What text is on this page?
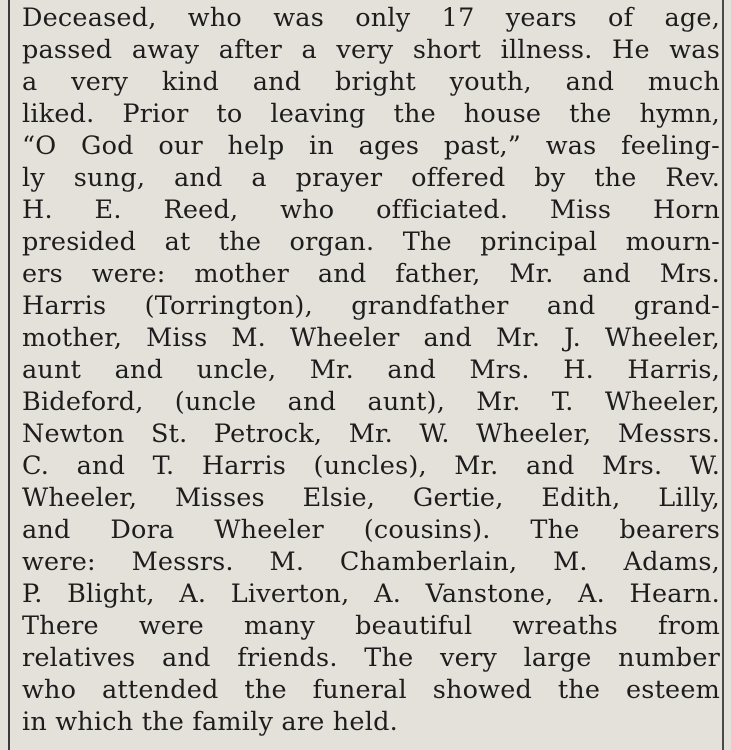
Deceased, who was only 17 years of age,
passed away after a very short illness. He was
a very kind and bright youth, and much
liked. Prior to leaving the house the hymn,
“O God our help in ages past,” was feeling-
ly sung, and a prayer offered by the Rev.
H. E. Reed, who officiated. Miss Horn
presided at the organ. The principal mourn-
ers were: mother and father, Mr. and Mrs.
Harris (Torrington), grandfather and grand-
mother, Miss M. Wheeler and Mr. J. Wheeler,
aunt and uncle, Mr. and Mrs. H. Harris,
Bideford, (uncle and aunt), Mr. T. Wheeler,
Newton St. Petrock, Mr. W. Wheeler, Messrs.
C. and T. Harris (uncles), Mr. and Mrs. W.
Wheeler, Misses Elsie, Gertie, Edith, Lilly,
and Dora Wheeler (cousins). The bearers
were: Messrs. M. Chamberlain, M. Adams,
P. Blight, A. Liverton, A. Vanstone, A. Hearn.
There were many beautiful wreaths from
relatives and friends. The very large number
who attended the funeral showed the esteem
in which the family are held.
